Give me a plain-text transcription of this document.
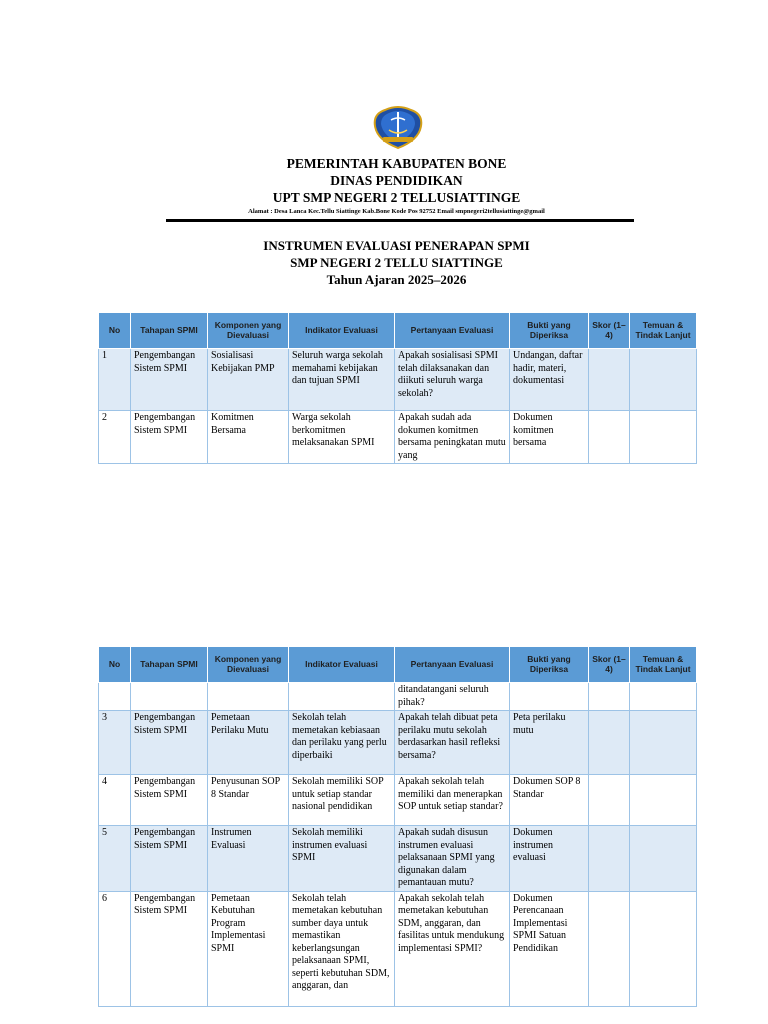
PEMERINTAH KABUPATEN BONE
DINAS PENDIDIKAN
UPT SMP NEGERI 2 TELLUSIATTINGE
Alamat : Desa Lanca Kec.Tellu Siattinge Kab.Bone Kode Pos 92752 Email smpnegeri2tellusiattinge@gmail
INSTRUMEN EVALUASI PENERAPAN SPMI
SMP NEGERI 2 TELLU SIATTINGE
Tahun Ajaran 2025–2026
No	Tahapan SPMI	Komponen yang Dievaluasi	Indikator Evaluasi	Pertanyaan Evaluasi	Bukti yang Diperiksa	Skor (1–4)	Temuan & Tindak Lanjut
1	Pengembangan Sistem SPMI	Sosialisasi Kebijakan PMP	Seluruh warga sekolah memahami kebijakan dan tujuan SPMI	Apakah sosialisasi SPMI telah dilaksanakan dan diikuti seluruh warga sekolah?	Undangan, daftar hadir, materi, dokumentasi		
2	Pengembangan Sistem SPMI	Komitmen Bersama	Warga sekolah berkomitmen melaksanakan SPMI	Apakah sudah ada dokumen komitmen bersama peningkatan mutu yang	Dokumen komitmen bersama		
No	Tahapan SPMI	Komponen yang Dievaluasi	Indikator Evaluasi	Pertanyaan Evaluasi	Bukti yang Diperiksa	Skor (1–4)	Temuan & Tindak Lanjut
				ditandatangani seluruh pihak?			
3	Pengembangan Sistem SPMI	Pemetaan Perilaku Mutu	Sekolah telah memetakan kebiasaan dan perilaku yang perlu diperbaiki	Apakah telah dibuat peta perilaku mutu sekolah berdasarkan hasil refleksi bersama?	Peta perilaku mutu		
4	Pengembangan Sistem SPMI	Penyusunan SOP 8 Standar	Sekolah memiliki SOP untuk setiap standar nasional pendidikan	Apakah sekolah telah memiliki dan menerapkan SOP untuk setiap standar?	Dokumen SOP 8 Standar		
5	Pengembangan Sistem SPMI	Instrumen Evaluasi	Sekolah memiliki instrumen evaluasi SPMI	Apakah sudah disusun instrumen evaluasi pelaksanaan SPMI yang digunakan dalam pemantauan mutu?	Dokumen instrumen evaluasi		
6	Pengembangan Sistem SPMI	Pemetaan Kebutuhan Program Implementasi SPMI	Sekolah telah memetakan kebutuhan sumber daya untuk memastikan keberlangsungan pelaksanaan SPMI, seperti kebutuhan SDM, anggaran, dan	Apakah sekolah telah memetakan kebutuhan SDM, anggaran, dan fasilitas untuk mendukung implementasi SPMI?	Dokumen Perencanaan Implementasi SPMI Satuan Pendidikan		
